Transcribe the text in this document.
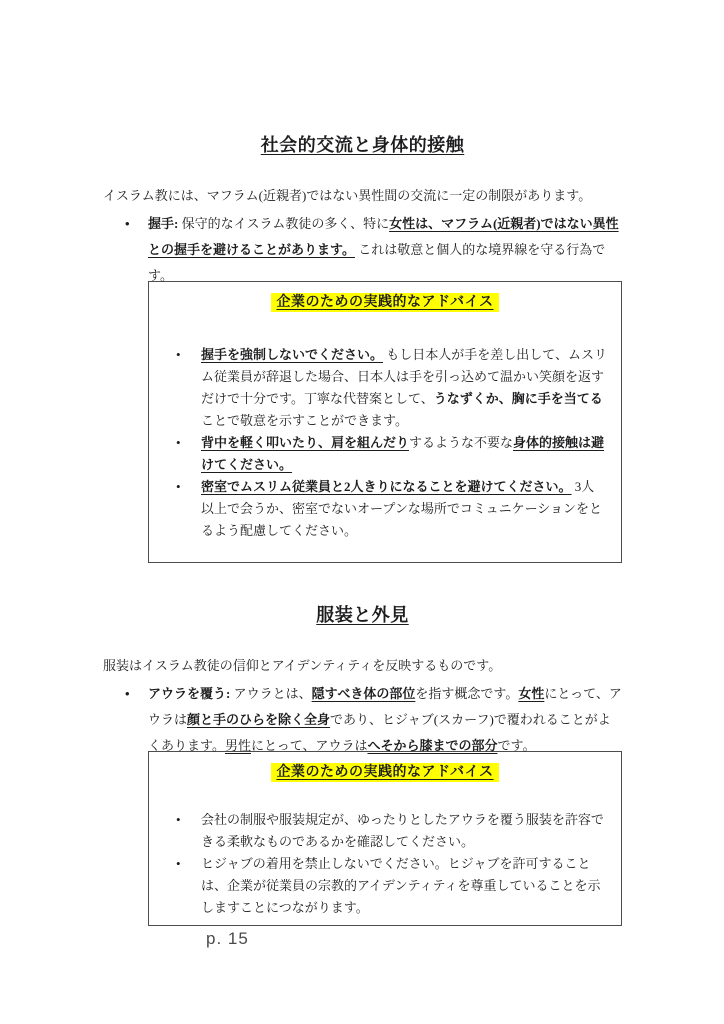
社会的交流と身体的接触

イスラム教には、マフラム(近親者)ではない異性間の交流に一定の制限があります。

• 握手: 保守的なイスラム教徒の多く、特に女性は、マフラム(近親者)ではない異性との握手を避けることがあります。 これは敬意と個人的な境界線を守る行為です。
企業のための実践的なアドバイス
• 握手を強制しないでください。 もし日本人が手を差し出して、ムスリム従業員が辞退した場合、日本人は手を引っ込めて温かい笑顔を返すだけで十分です。丁寧な代替案として、うなずくか、胸に手を当てることで敬意を示すことができます。
• 背中を軽く叩いたり、肩を組んだりするような不要な身体的接触は避けてください。
• 密室でムスリム従業員と2人きりになることを避けてください。 3人以上で会うか、密室でないオープンな場所でコミュニケーションをとるよう配慮してください。
服装と外見

服装はイスラム教徒の信仰とアイデンティティを反映するものです。

• アウラを覆う: アウラとは、隠すべき体の部位を指す概念です。女性にとって、アウラは顔と手のひらを除く全身であり、ヒジャブ(スカーフ)で覆われることがよくあります。男性にとって、アウラはへそから膝までの部分です。
企業のための実践的なアドバイス
• 会社の制服や服装規定が、ゆったりとしたアウラを覆う服装を許容できる柔軟なものであるかを確認してください。
• ヒジャブの着用を禁止しないでください。ヒジャブを許可することは、企業が従業員の宗教的アイデンティティを尊重していることを示しますことにつながります。
p. 15
